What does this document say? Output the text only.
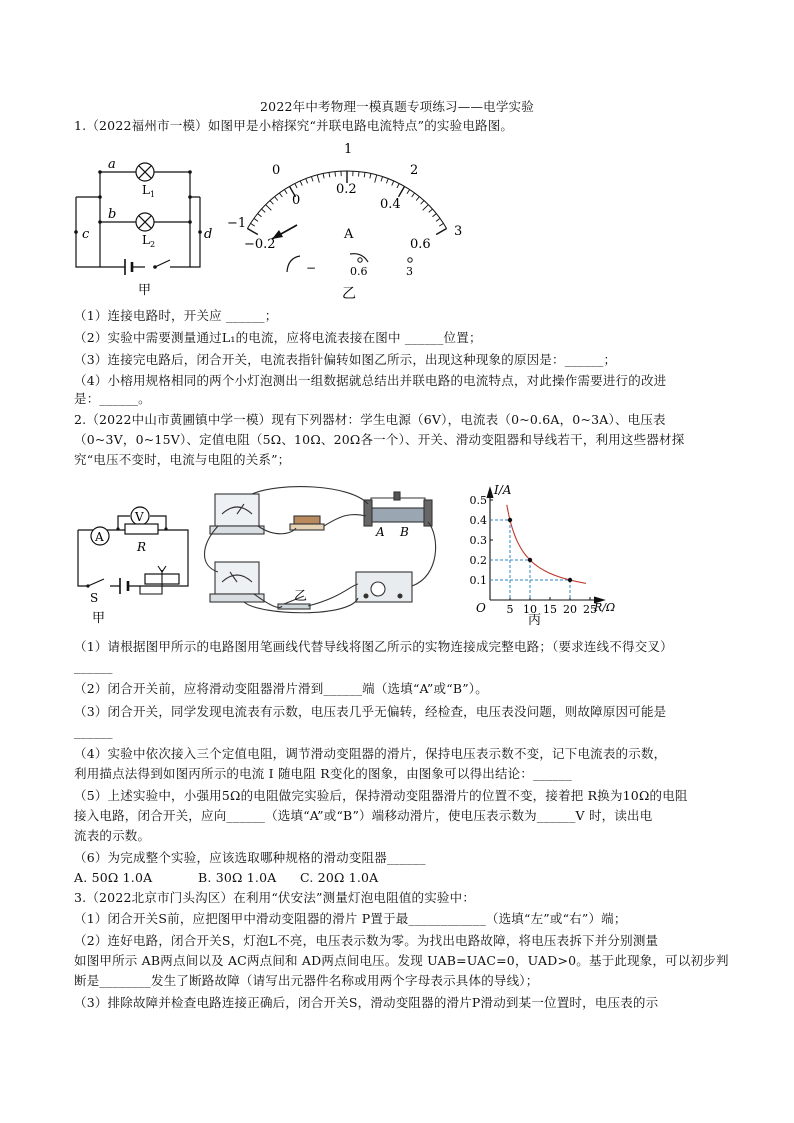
2022年中考物理一模真题专项练习——电学实验
1.（2022福州市一模）如图甲是小榕探究“并联电路电流特点”的实验电路图。
a
b
c	d
L 1
L 2
甲
−1
0
1
2
3
0
0.2
0.4
0.6
−0.2
A
−	0.6	3
乙
（1）连接电路时，开关应 ______；
（2）实验中需要测量通过L₁的电流，应将电流表接在图中 ______位置；
（3）连接完电路后，闭合开关，电流表指针偏转如图乙所示，出现这种现象的原因是：______；
（4）小榕用规格相同的两个小灯泡测出一组数据就总结出并联电路的电流特点，对此操作需要进行的改进
是：______。
2.（2022中山市黄圃镇中学一模）现有下列器材：学生电源（6V），电流表（0~0.6A，0~3A）、电压表
（0~3V，0~15V）、定值电阻（5Ω、10Ω、20Ω各一个）、开关、滑动变阻器和导线若干，利用这些器材探
究“电压不变时，电流与电阻的关系”；
A
V
R
S
甲
A B
乙
0.1
0.2
0.3
0.4
0.5
5 10 15 20 25
O
I/A
R/Ω
丙
（1）请根据图甲所示的电路图用笔画线代替导线将图乙所示的实物连接成完整电路；（要求连线不得交叉）
______
（2）闭合开关前，应将滑动变阻器滑片滑到______端（选填“A”或“B”）。
（3）闭合开关，同学发现电流表有示数，电压表几乎无偏转，经检查，电压表没问题，则故障原因可能是
______
（4）实验中依次接入三个定值电阻，调节滑动变阻器的滑片，保持电压表示数不变，记下电流表的示数，
利用描点法得到如图丙所示的电流 I 随电阻 R变化的图象，由图象可以得出结论：______
（5）上述实验中，小强用5Ω的电阻做完实验后，保持滑动变阻器滑片的位置不变，接着把 R换为10Ω的电阻
接入电路，闭合开关，应向______（选填“A”或“B”）端移动滑片，使电压表示数为______V 时，读出电
流表的示数。
（6）为完成整个实验，应该选取哪种规格的滑动变阻器______
A. 50Ω 1.0A	B. 30Ω 1.0A C. 20Ω 1.0A
3.（2022北京市门头沟区）在利用“伏安法”测量灯泡电阻值的实验中：
（1）闭合开关S前，应把图甲中滑动变阻器的滑片 P置于最____________（选填“左”或“右”）端；
（2）连好电路，闭合开关S，灯泡L不亮，电压表示数为零。为找出电路故障，将电压表拆下并分别测量
如图甲所示 AB两点间以及 AC两点间和 AD两点间电压。发现 UAB=UAC=0，UAD>0。基于此现象，可以初步判
断是________发生了断路故障（请写出元器件名称或用两个字母表示具体的导线）；
（3）排除故障并检查电路连接正确后，闭合开关S，滑动变阻器的滑片P滑动到某一位置时，电压表的示
